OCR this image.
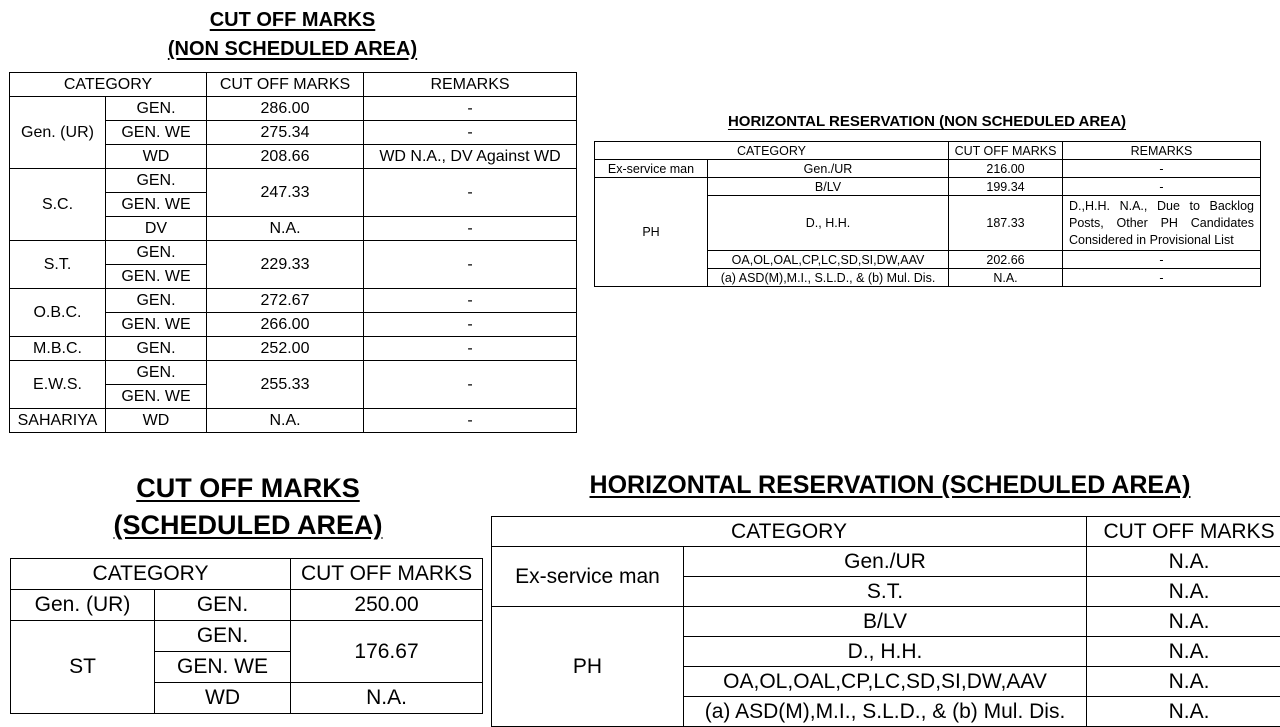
CUT OFF MARKS
(NON SCHEDULED AREA)
CATEGORY		CUT OFF MARKS	REMARKS
Gen. (UR)	GEN.	286.00	-
	GEN. WE	275.34	-
	WD	208.66	WD N.A., DV Against WD
S.C.	GEN.	247.33	-
	GEN. WE		
	DV	N.A.	-
S.T.	GEN.	229.33	-
	GEN. WE		
O.B.C.	GEN.	272.67	-
	GEN. WE	266.00	-
M.B.C.	GEN.	252.00	-
E.W.S.	GEN.	255.33	-
	GEN. WE		
SAHARIYA	WD	N.A.	-
HORIZONTAL RESERVATION (NON SCHEDULED AREA)
CATEGORY		CUT OFF MARKS	REMARKS
Ex-service man	Gen./UR	216.00	-
PH	B/LV	199.34	-
	D., H.H.	187.33	D.,H.H. N.A., Due to Backlog Posts, Other PH Candidates Considered in Provisional List
	OA,OL,OAL,CP,LC,SD,SI,DW,AAV	202.66	-
	(a) ASD(M),M.I., S.L.D., & (b) Mul. Dis.	N.A.	-
CUT OFF MARKS
(SCHEDULED AREA)
CATEGORY		CUT OFF MARKS
Gen. (UR)	GEN.	250.00
ST	GEN.	176.67
	GEN. WE	
	WD	N.A.
HORIZONTAL RESERVATION (SCHEDULED AREA)
CATEGORY		CUT OFF MARKS
Ex-service man	Gen./UR	N.A.
	S.T.	N.A.
PH	B/LV	N.A.
	D., H.H.	N.A.
	OA,OL,OAL,CP,LC,SD,SI,DW,AAV	N.A.
	(a) ASD(M),M.I., S.L.D., & (b) Mul. Dis.	N.A.
